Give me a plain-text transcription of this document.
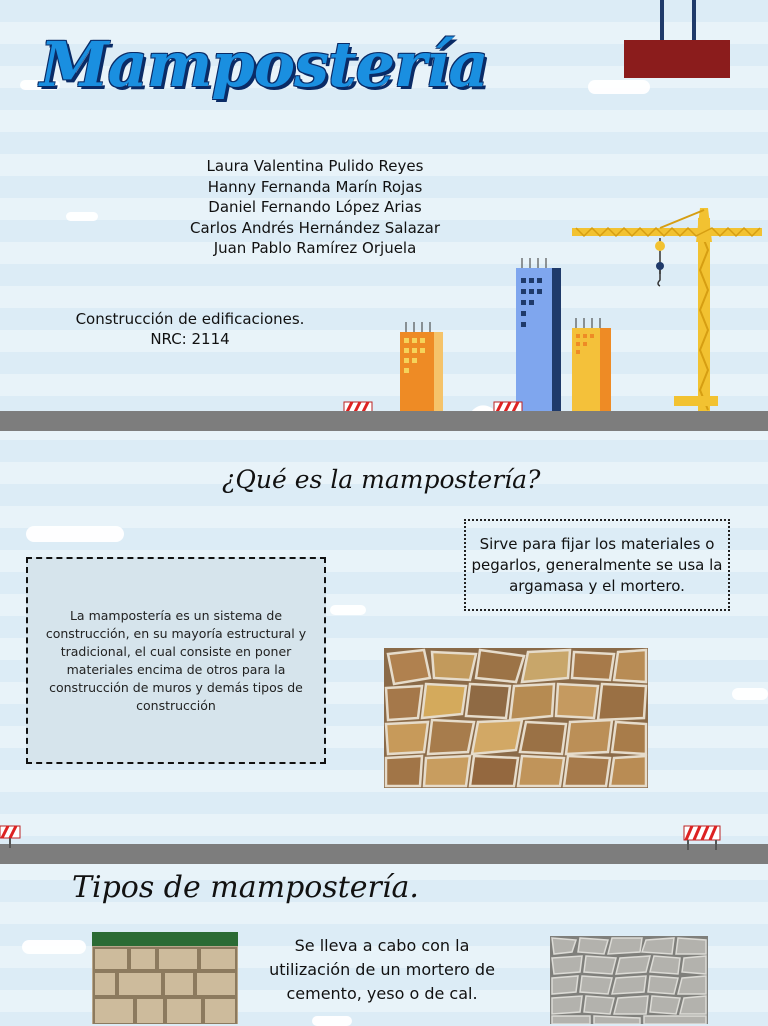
Mampostería
Laura Valentina Pulido Reyes
Hanny Fernanda Marín Rojas
Daniel Fernando López Arias
Carlos Andrés Hernández Salazar
Juan Pablo Ramírez Orjuela
Construcción de edificaciones.
NRC: 2114
¿Qué es la mampostería?
Sirve para fijar los materiales o pegarlos, generalmente se usa la argamasa y el mortero.
La mampostería es un sistema de construcción, en su mayoría estructural y tradicional, el cual consiste en poner materiales encima de otros para la construcción de muros y demás tipos de construcción
Tipos de mampostería.
Se lleva a cabo con la utilización de un mortero de cemento, yeso o de cal.
